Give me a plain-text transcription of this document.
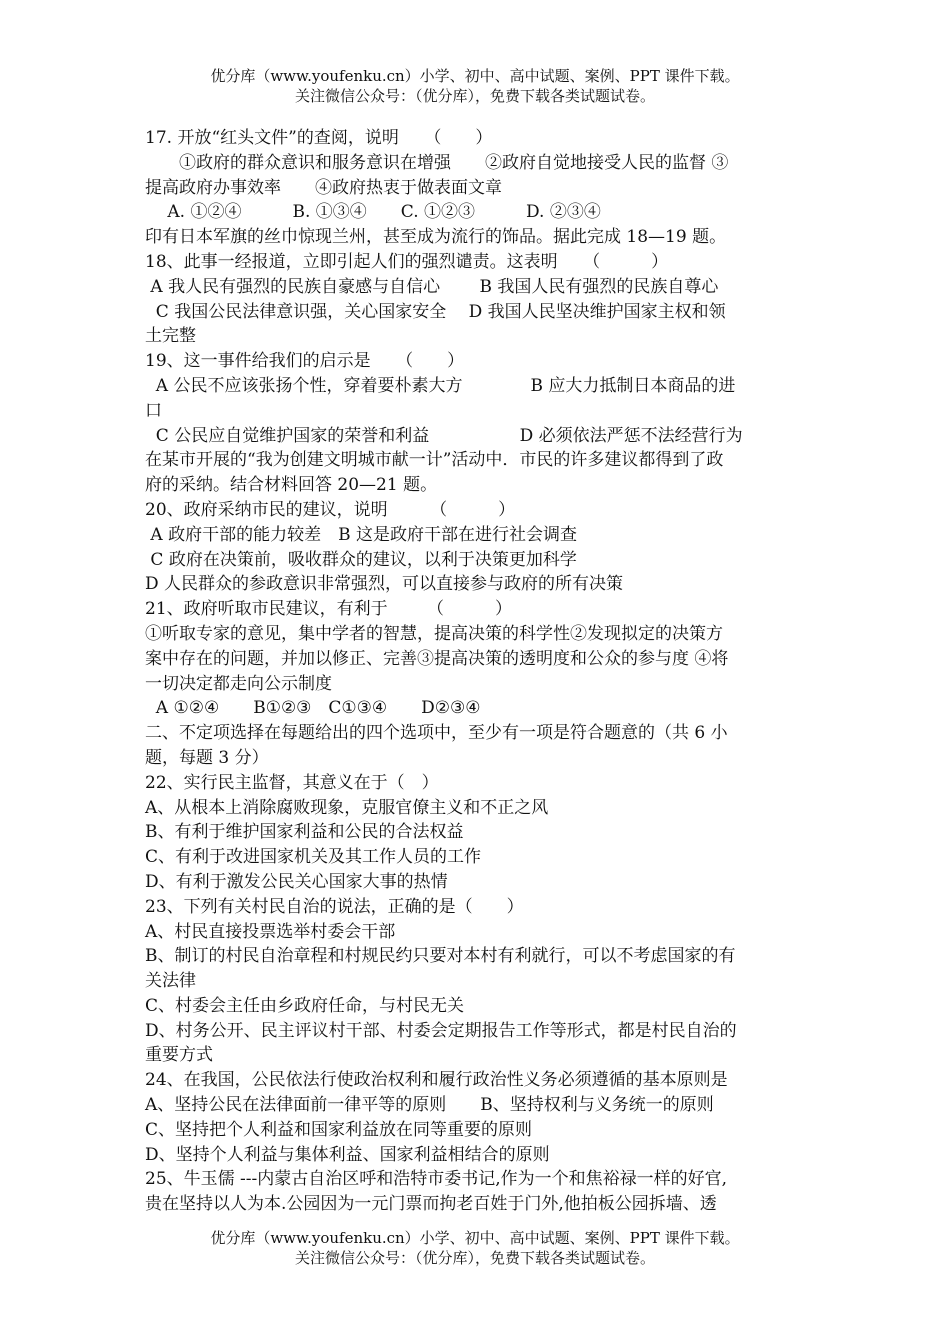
优分库（www.youfenku.cn）小学、初中、高中试题、案例、PPT 课件下载。
关注微信公众号：（优分库），免费下载各类试题试卷。
17. 开放“红头文件”的查阅，说明　　（　　）
　　①政府的群众意识和服务意识在增强　　②政府自觉地接受人民的监督 ③
提高政府办事效率　　④政府热衷于做表面文章
　 A. ①②④　　　B. ①③④　　C. ①②③　　　D. ②③④
印有日本军旗的丝巾惊现兰州，甚至成为流行的饰品。据此完成 18—19 题。
18、此事一经报道，立即引起人们的强烈谴责。这表明　　（　　　）
A 我人民有强烈的民族自豪感与自信心　　 B 我国人民有强烈的民族自尊心
C 我国公民法律意识强，关心国家安全　 D 我国人民坚决维护国家主权和领
土完整
19、这一事件给我们的启示是　　（　　）
A 公民不应该张扬个性，穿着要朴素大方　　　　B 应大力抵制日本商品的进
口
C 公民应自觉维护国家的荣誉和利益　　　　　 D 必须依法严惩不法经营行为
在某市开展的“我为创建文明城市献一计”活动中．市民的许多建议都得到了政
府的采纳。结合材料回答 20—21 题。
20、政府采纳市民的建议，说明　　　（　　　）
A 政府干部的能力较差　B 这是政府干部在进行社会调查
C 政府在决策前，吸收群众的建议，以利于决策更加科学
D 人民群众的参政意识非常强烈，可以直接参与政府的所有决策
21、政府听取市民建议，有利于　　 （　　　）
①听取专家的意见，集中学者的智慧，提高决策的科学性②发现拟定的决策方
案中存在的问题，并加以修正、完善③提高决策的透明度和公众的参与度 ④将
一切决定都走向公示制度
A ①②④　　B①②③　C①③④　　D②③④
二、不定项选择在每题给出的四个选项中，至少有一项是符合题意的（共 6 小
题，每题 3 分）
22、实行民主监督，其意义在于（　）
A、从根本上消除腐败现象，克服官僚主义和不正之风
B、有利于维护国家利益和公民的合法权益
C、有利于改进国家机关及其工作人员的工作
D、有利于激发公民关心国家大事的热情
23、下列有关村民自治的说法，正确的是（　　）
A、村民直接投票选举村委会干部
B、制订的村民自治章程和村规民约只要对本村有利就行，可以不考虑国家的有
关法律
C、村委会主任由乡政府任命，与村民无关
D、村务公开、民主评议村干部、村委会定期报告工作等形式，都是村民自治的
重要方式
24、在我国，公民依法行使政治权利和履行政治性义务必须遵循的基本原则是
A、坚持公民在法律面前一律平等的原则　　B、坚持权利与义务统一的原则
C、坚持把个人利益和国家利益放在同等重要的原则
D、坚持个人利益与集体利益、国家利益相结合的原则
25、牛玉儒 ---内蒙古自治区呼和浩特市委书记,作为一个和焦裕禄一样的好官,
贵在坚持以人为本.公园因为一元门票而拘老百姓于门外,他拍板公园拆墙、透
优分库（www.youfenku.cn）小学、初中、高中试题、案例、PPT 课件下载。
关注微信公众号：（优分库），免费下载各类试题试卷。
